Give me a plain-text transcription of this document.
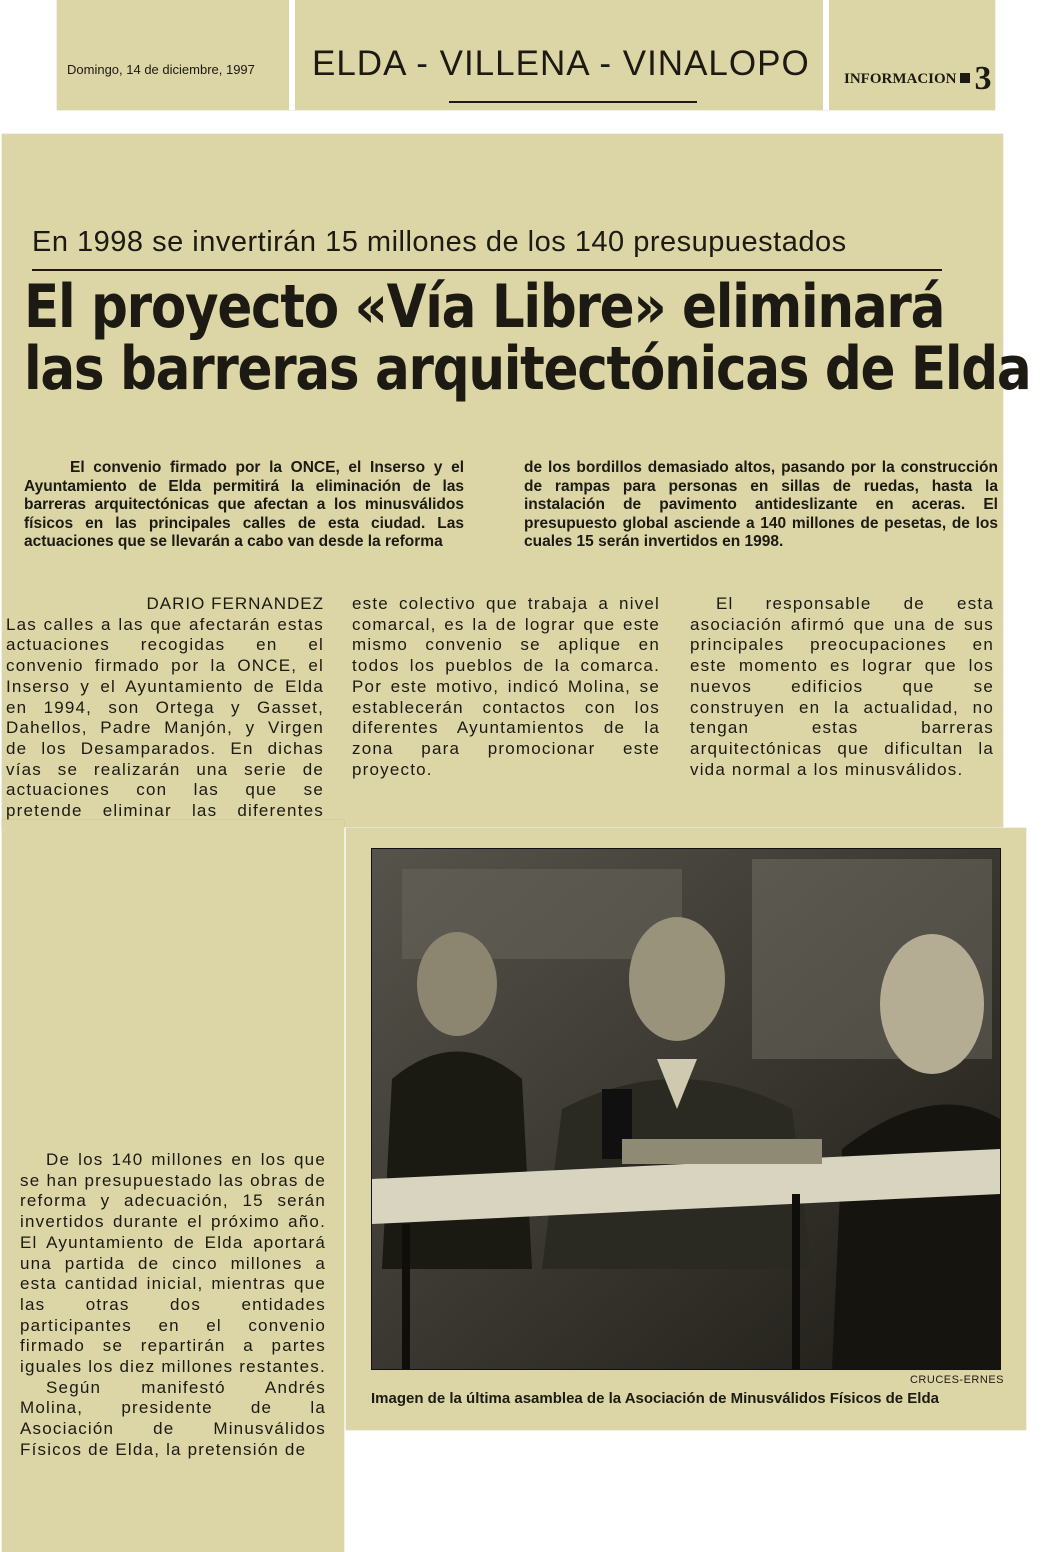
Domingo, 14 de diciembre, 1997 ELDA - VILLENA - VINALOPO INFORMACION 3
En 1998 se invertirán 15 millones de los 140 presupuestados
El proyecto «Vía Libre» eliminará
las barreras arquitectónicas de Elda
El convenio firmado por la ONCE, el Inserso y el Ayuntamiento de Elda permitirá la eliminación de las barreras arquitectónicas que afectan a los minusválidos físicos en las principales calles de esta ciudad. Las actuaciones que se llevarán a cabo van desde la reforma
de los bordillos demasiado altos, pasando por la construcción de rampas para personas en sillas de ruedas, hasta la instalación de pavimento antideslizante en aceras. El presupuesto global asciende a 140 millones de pesetas, de los cuales 15 serán invertidos en 1998.

DARIO FERNANDEZ

Las calles a las que afectarán estas actuaciones recogidas en el convenio firmado por la ONCE, el Inserso y el Ayuntamiento de Elda en 1994, son Ortega y Gasset, Dahellos, Padre Manjón, y Virgen de los Desamparados. En dichas vías se realizarán una serie de actuaciones con las que se pretende eliminar las diferentes

este colectivo que trabaja a nivel comarcal, es la de lograr que este mismo convenio se aplique en todos los pueblos de la comarca. Por este motivo, indicó Molina, se establecerán contactos con los diferentes Ayuntamientos de la zona para promocionar este proyecto.

El responsable de esta asociación afirmó que una de sus principales preocupaciones en este momento es lograr que los nuevos edificios que se construyen en la actualidad, no tengan estas barreras arquitectónicas que dificultan la vida normal a los minusválidos.

De los 140 millones en los que se han presupuestado las obras de reforma y adecuación, 15 serán invertidos durante el próximo año. El Ayuntamiento de Elda aportará una partida de cinco millones a esta cantidad inicial, mientras que las otras dos entidades participantes en el convenio firmado se repartirán a partes iguales los diez millones restantes.

Según manifestó Andrés Molina, presidente de la Asociación de Minusválidos Físicos de Elda, la pretensión de

CRUCES-ERNES
Imagen de la última asamblea de la Asociación de Minusválidos Físicos de Elda
